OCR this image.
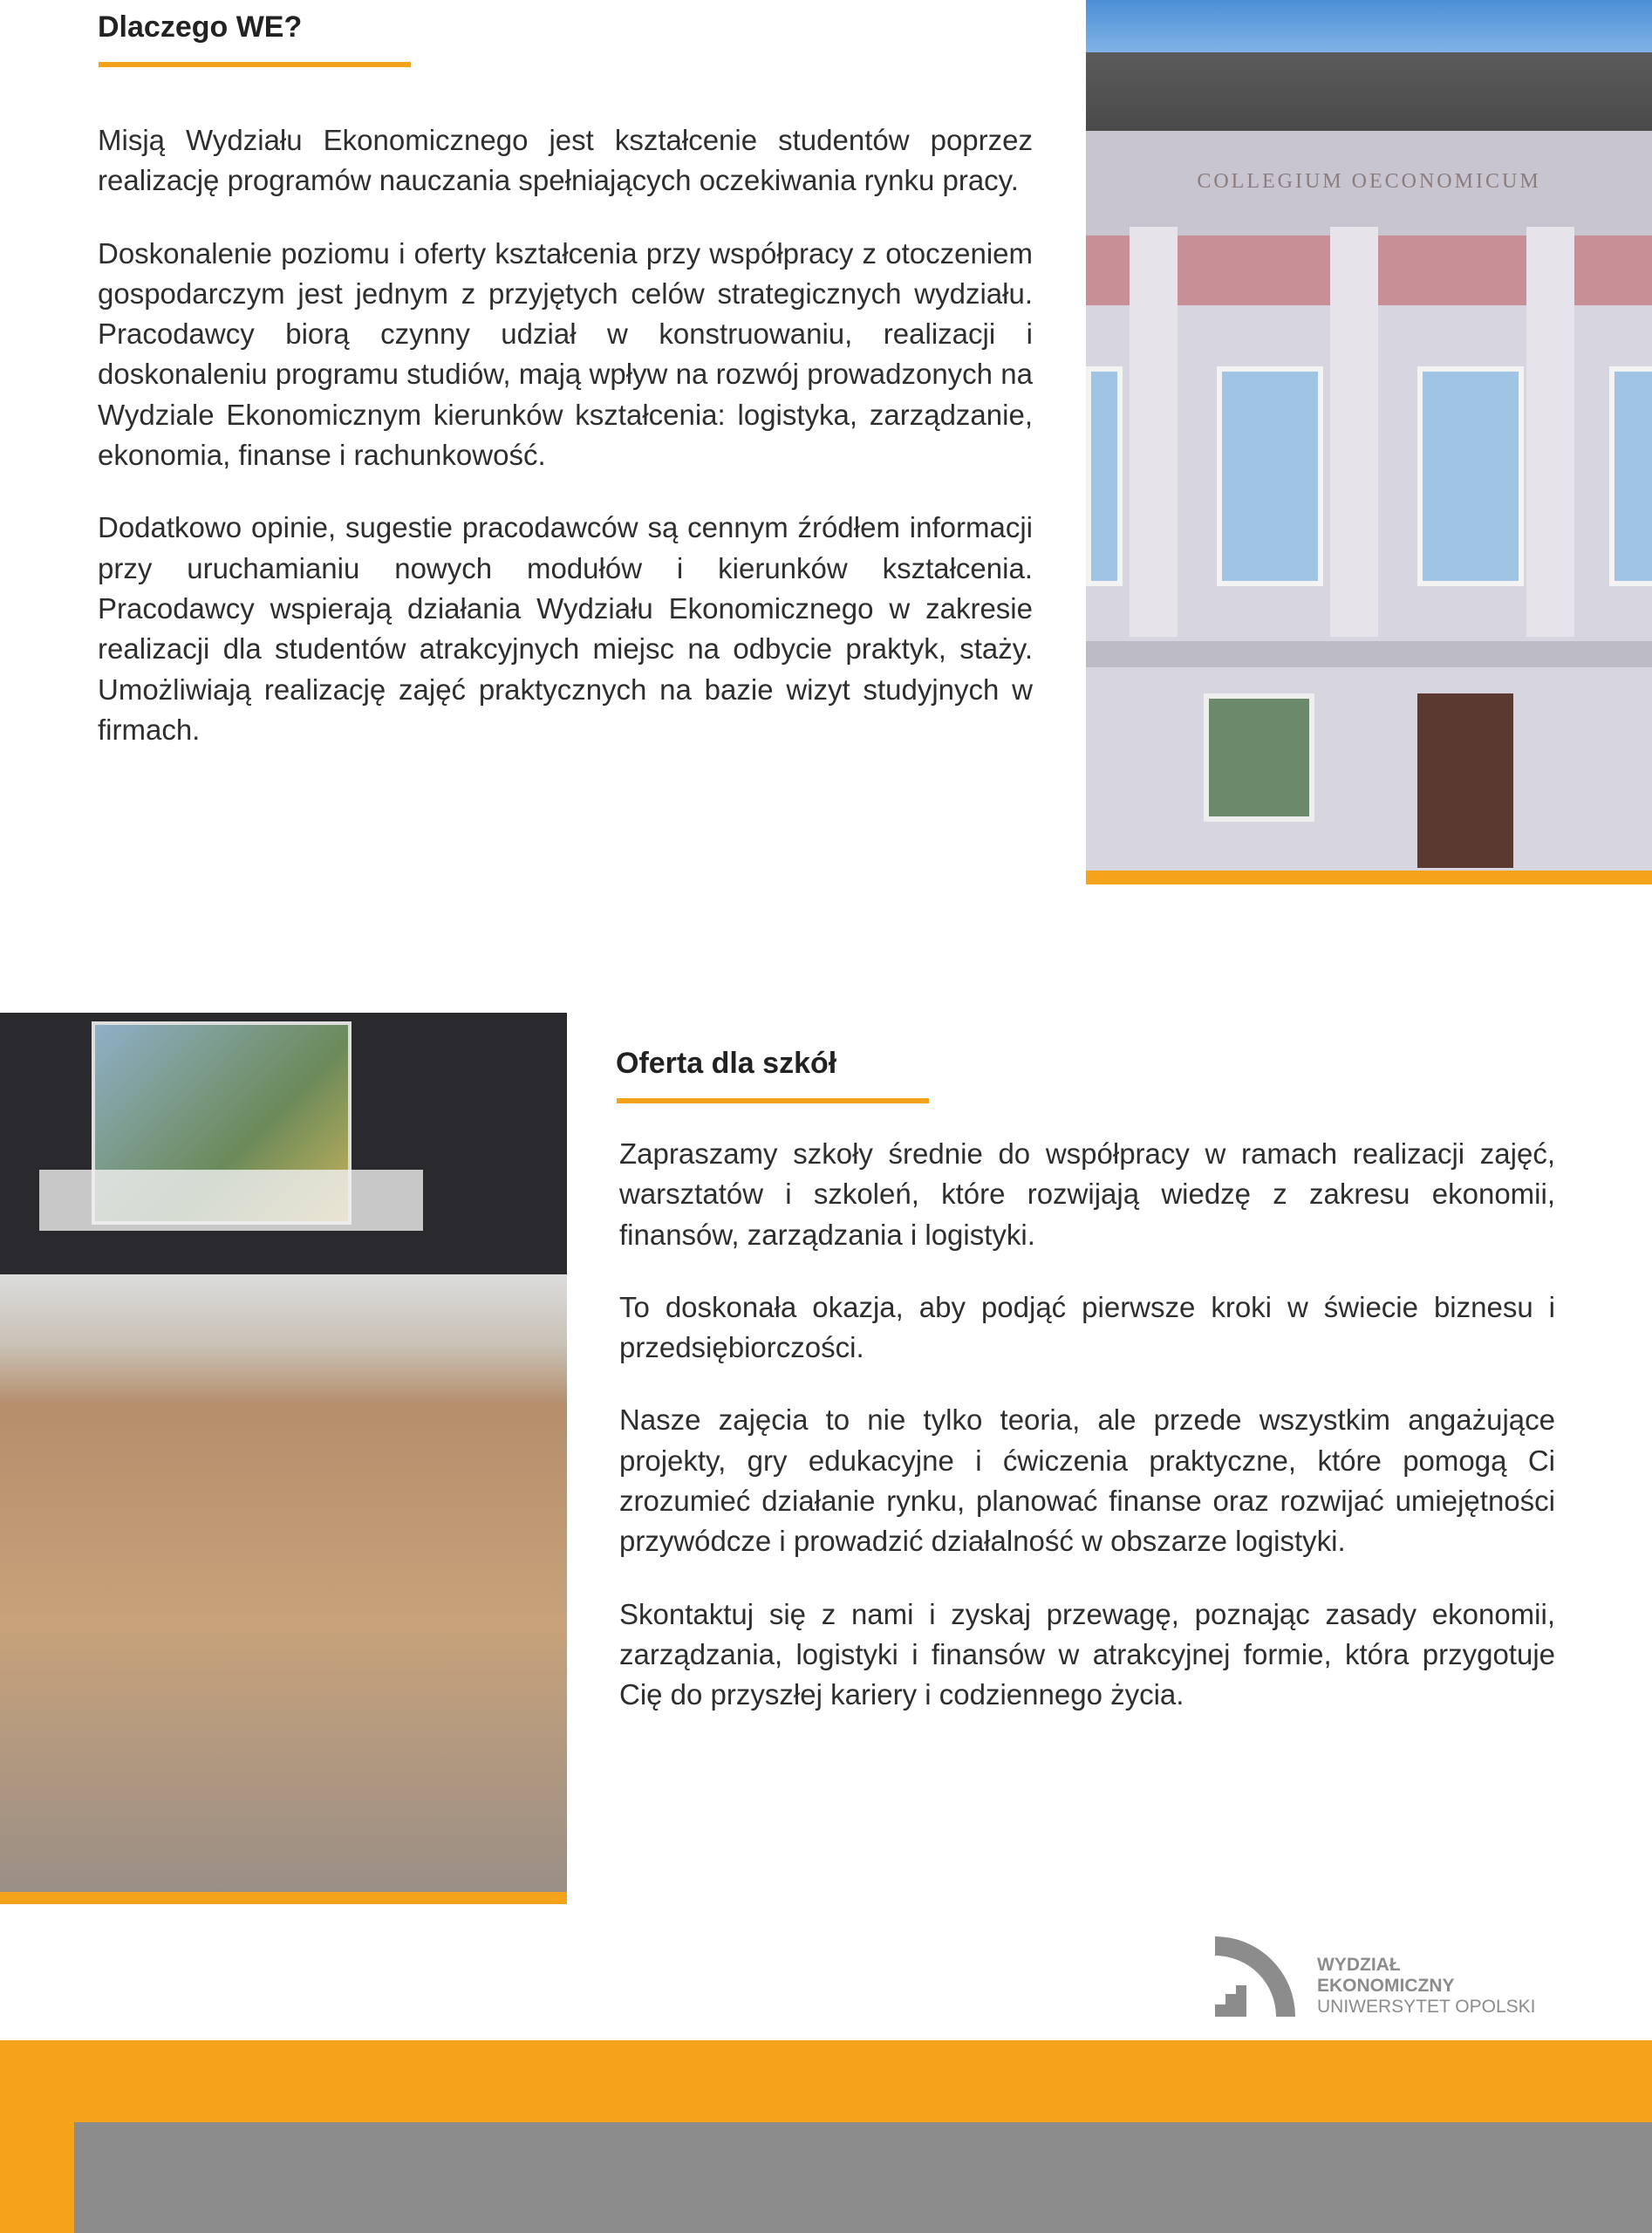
Dlaczego WE?

Misją Wydziału Ekonomicznego jest kształcenie studentów poprzez realizację programów nauczania spełniających oczekiwania rynku pracy.

Doskonalenie poziomu i oferty kształcenia przy współpracy z otoczeniem gospodarczym jest jednym z przyjętych celów strategicznych wydziału. Pracodawcy biorą czynny udział w konstruowaniu, realizacji i doskonaleniu programu studiów, mają wpływ na rozwój prowadzonych na Wydziale Ekonomicznym kierunków kształcenia: logistyka, zarządzanie, ekonomia, finanse i rachunkowość.

Dodatkowo opinie, sugestie pracodawców są cennym źródłem informacji przy uruchamianiu nowych modułów i kierunków kształcenia. Pracodawcy wspierają działania Wydziału Ekonomicznego w zakresie realizacji dla studentów atrakcyjnych miejsc na odbycie praktyk, staży. Umożliwiają realizację zajęć praktycznych na bazie wizyt studyjnych w firmach.

COLLEGIUM OECONOMICUM
Oferta dla szkół

Zapraszamy szkoły średnie do współpracy w ramach realizacji zajęć, warsztatów i szkoleń, które rozwijają wiedzę z zakresu ekonomii, finansów, zarządzania i logistyki.

To doskonała okazja, aby podjąć pierwsze kroki w świecie biznesu i przedsiębiorczości.

Nasze zajęcia to nie tylko teoria, ale przede wszystkim angażujące projekty, gry edukacyjne i ćwiczenia praktyczne, które pomogą Ci zrozumieć działanie rynku, planować finanse oraz rozwijać umiejętności przywódcze i prowadzić działalność w obszarze logistyki.

Skontaktuj się z nami i zyskaj przewagę, poznając zasady ekonomii, zarządzania, logistyki i finansów w atrakcyjnej formie, która przygotuje Cię do przyszłej kariery i codziennego życia.

WYDZIAŁ
EKONOMICZNY
UNIWERSYTET OPOLSKI
